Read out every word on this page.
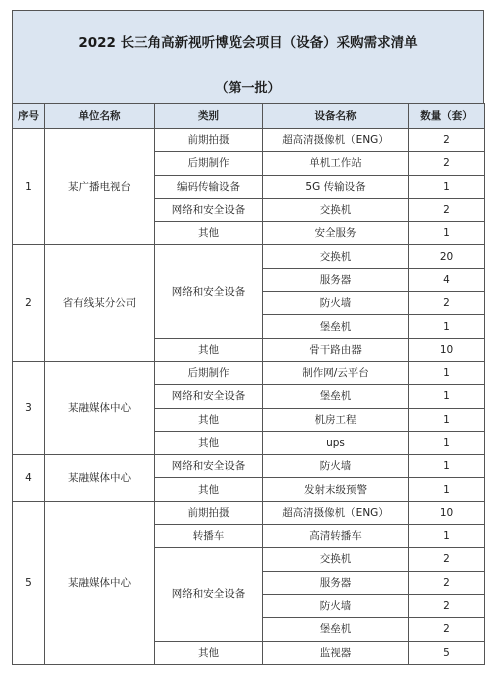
2022 长三角高新视听博览会项目（设备）采购需求清单
（第一批）
序号	单位名称	类别	设备名称	数量（套）
1	某广播电视台	前期拍摄	超高清摄像机（ENG）	2
		后期制作	单机工作站	2
		编码传输设备	5G 传输设备	1
		网络和安全设备	交换机	2
		其他	安全服务	1
2	省有线某分公司	网络和安全设备	交换机	20
			服务器	4
			防火墙	2
			堡垒机	1
		其他	骨干路由器	10
3	某融媒体中心	后期制作	制作网/云平台	1
		网络和安全设备	堡垒机	1
		其他	机房工程	1
		其他	ups	1
4	某融媒体中心	网络和安全设备	防火墙	1
		其他	发射末级预警	1
5	某融媒体中心	前期拍摄	超高清摄像机（ENG）	10
		转播车	高清转播车	1
		网络和安全设备	交换机	2
			服务器	2
			防火墙	2
			堡垒机	2
		其他	监视器	5
